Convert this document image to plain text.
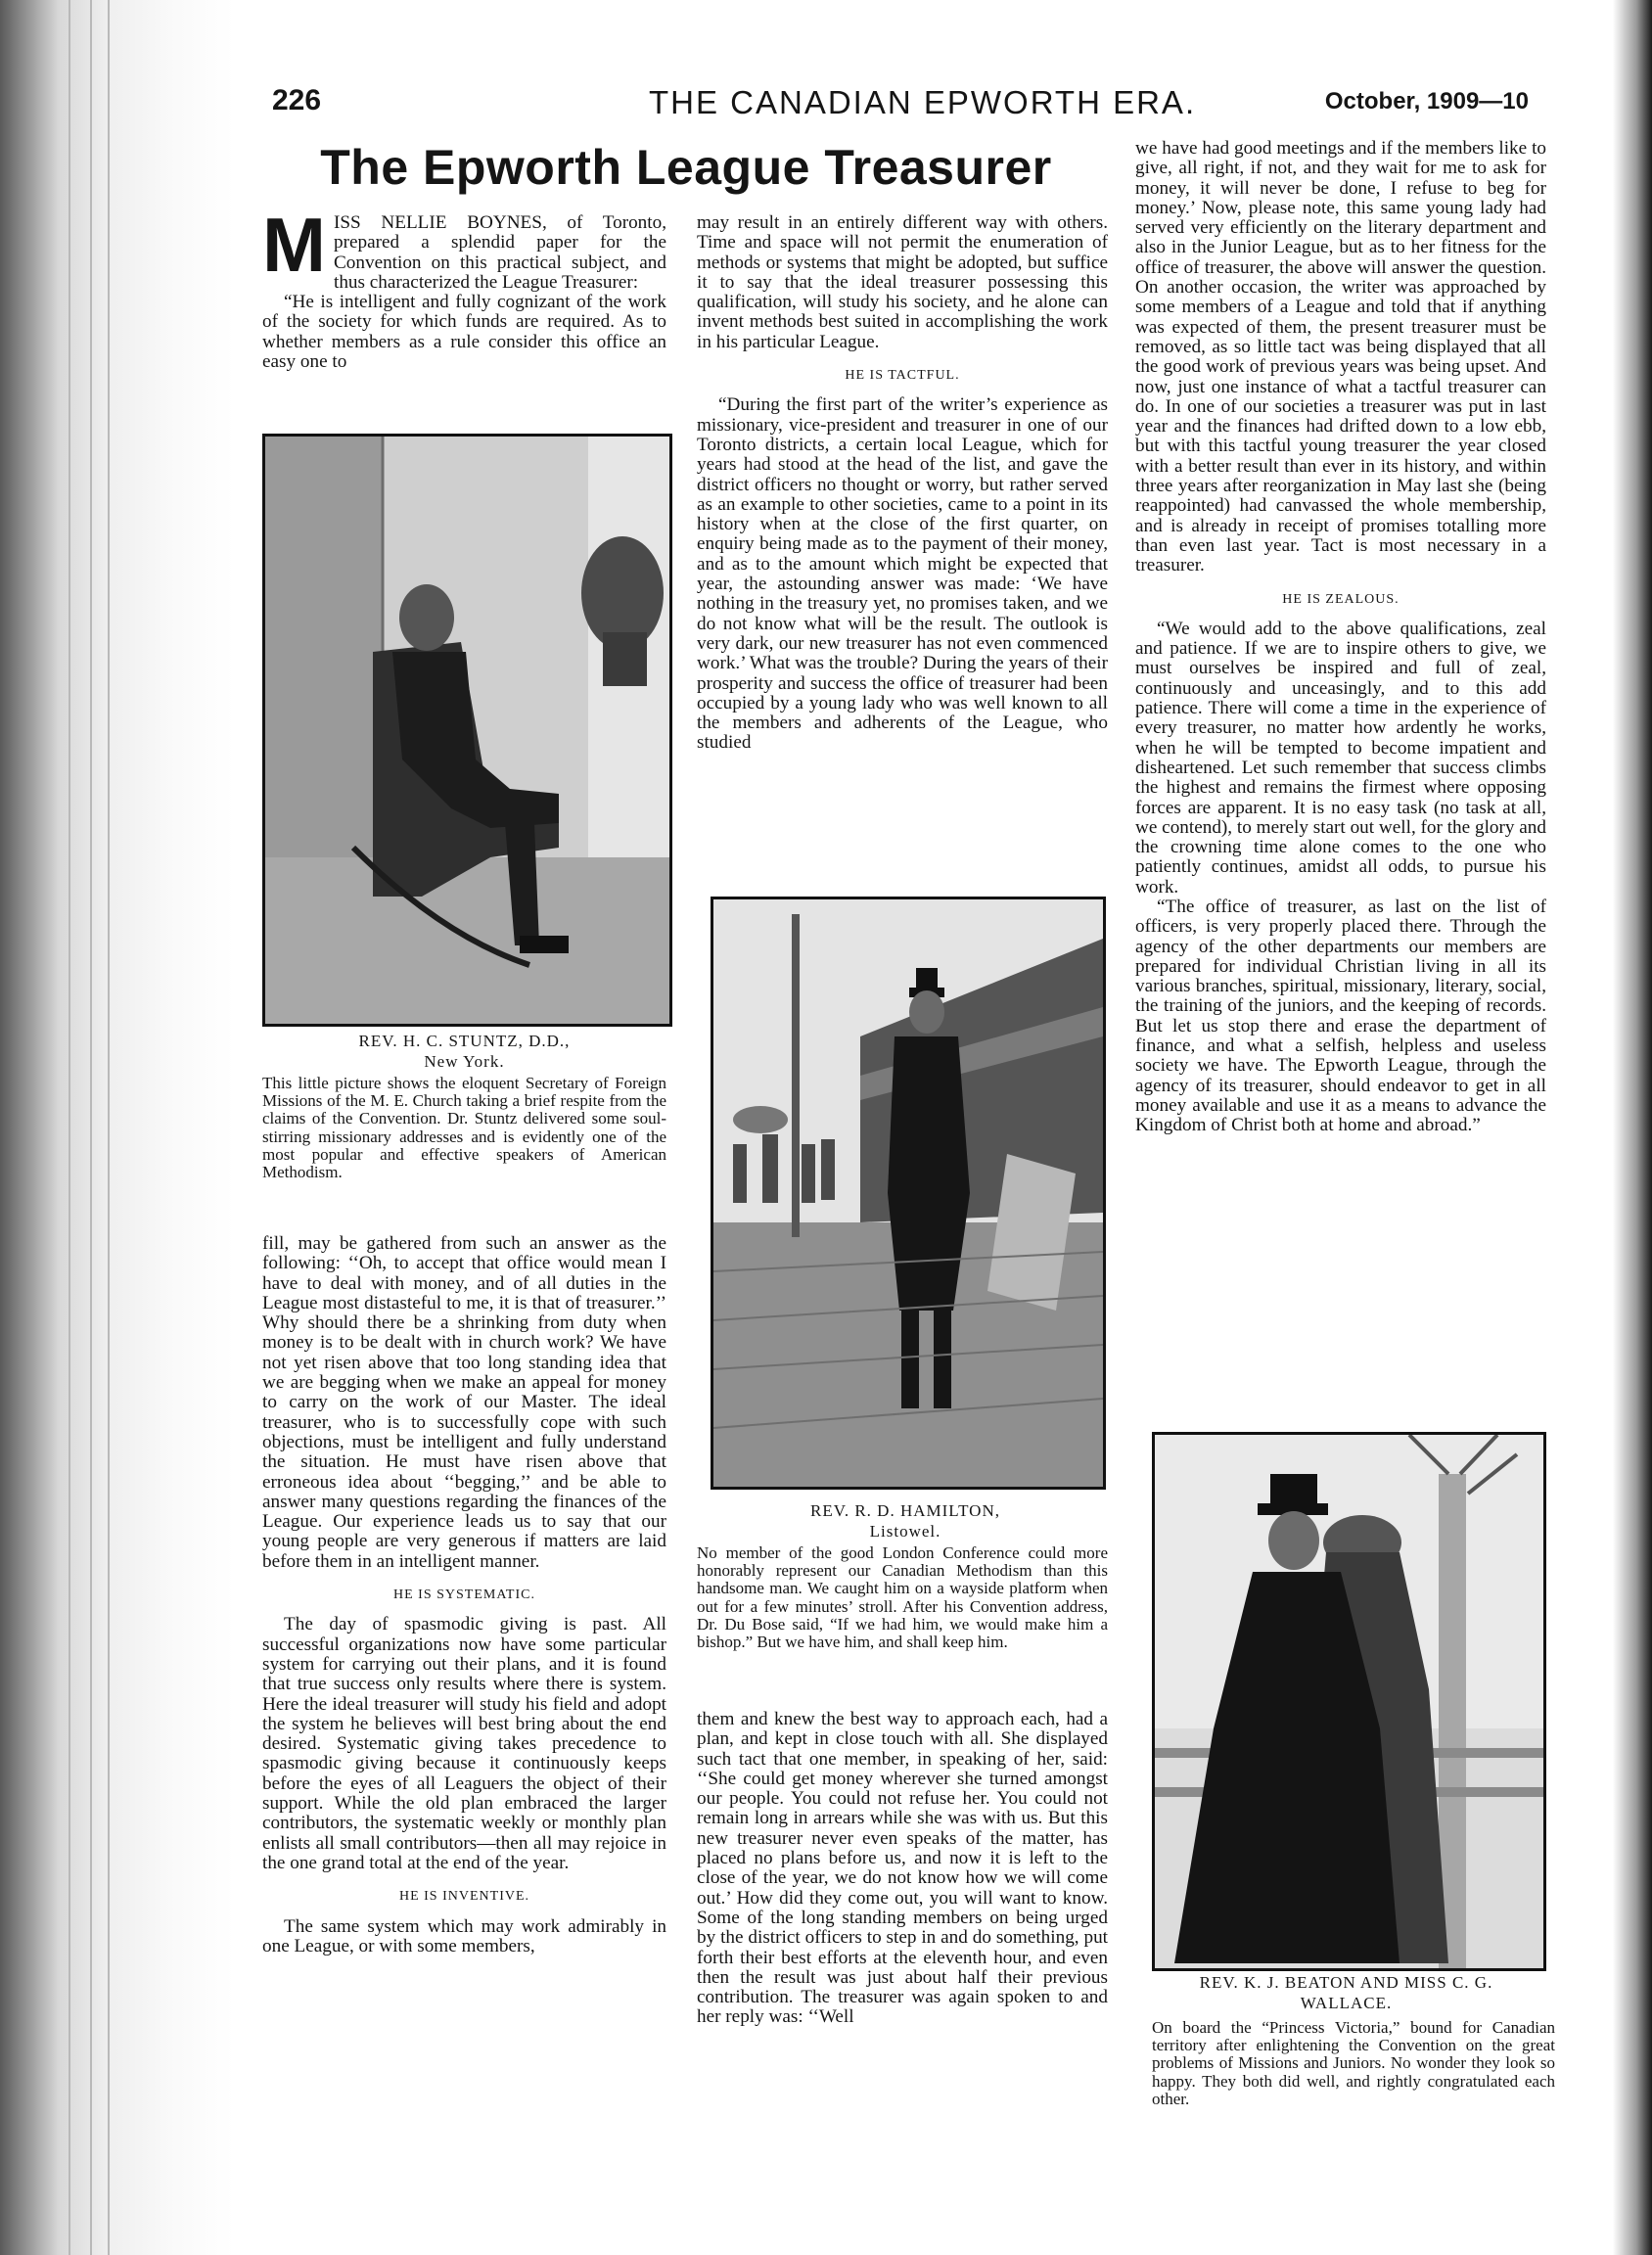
226	THE CANADIAN EPWORTH ERA.	October, 1909—10
The Epworth League Treasurer

MISS NELLIE BOYNES, of Toronto, prepared a splendid paper for the Convention on this practical subject, and thus characterized the League Treasurer:

“He is intelligent and fully cognizant of the work of the society for which funds are required. As to whether members as a rule consider this office an easy one to

REV. H. C. STUNTZ, D.D.,
New York.
This little picture shows the eloquent Secretary of Foreign Missions of the M. E. Church taking a brief respite from the claims of the Convention. Dr. Stuntz delivered some soul-stirring missionary addresses and is evidently one of the most popular and effective speakers of American Methodism.

fill, may be gathered from such an answer as the following: ‘‘Oh, to accept that office would mean I have to deal with money, and of all duties in the League most distasteful to me, it is that of treasurer.’’ Why should there be a shrinking from duty when money is to be dealt with in church work? We have not yet risen above that too long standing idea that we are begging when we make an appeal for money to carry on the work of our Master. The ideal treasurer, who is to successfully cope with such objections, must be intelligent and fully understand the situation. He must have risen above that erroneous idea about ‘‘begging,’’ and be able to answer many questions regarding the finances of the League. Our experience leads us to say that our young people are very generous if matters are laid before them in an intelligent manner.

HE IS SYSTEMATIC.

The day of spasmodic giving is past. All successful organizations now have some particular system for carrying out their plans, and it is found that true success only results where there is system. Here the ideal treasurer will study his field and adopt the system he believes will best bring about the end desired. Systematic giving takes precedence to spasmodic giving because it continuously keeps before the eyes of all Leaguers the object of their support. While the old plan embraced the larger contributors, the systematic weekly or monthly plan enlists all small contributors—then all may rejoice in the one grand total at the end of the year.

HE IS INVENTIVE.

The same system which may work admirably in one League, or with some members,

may result in an entirely different way with others. Time and space will not permit the enumeration of methods or systems that might be adopted, but suffice it to say that the ideal treasurer possessing this qualification, will study his society, and he alone can invent methods best suited in accomplishing the work in his particular League.

HE IS TACTFUL.

“During the first part of the writer’s experience as missionary, vice-president and treasurer in one of our Toronto districts, a certain local League, which for years had stood at the head of the list, and gave the district officers no thought or worry, but rather served as an example to other societies, came to a point in its history when at the close of the first quarter, on enquiry being made as to the payment of their money, and as to the amount which might be expected that year, the astounding answer was made: ‘We have nothing in the treasury yet, no promises taken, and we do not know what will be the result. The outlook is very dark, our new treasurer has not even commenced work.’ What was the trouble? During the years of their prosperity and success the office of treasurer had been occupied by a young lady who was well known to all the members and adherents of the League, who studied

REV. R. D. HAMILTON,
Listowel.
No member of the good London Conference could more honorably represent our Canadian Methodism than this handsome man. We caught him on a wayside platform when out for a few minutes’ stroll. After his Convention address, Dr. Du Bose said, “If we had him, we would make him a bishop.” But we have him, and shall keep him.

them and knew the best way to approach each, had a plan, and kept in close touch with all. She displayed such tact that one member, in speaking of her, said: ‘‘She could get money wherever she turned amongst our people. You could not refuse her. You could not remain long in arrears while she was with us. But this new treasurer never even speaks of the matter, has placed no plans before us, and now it is left to the close of the year, we do not know how we will come out.’ How did they come out, you will want to know. Some of the long standing members on being urged by the district officers to step in and do something, put forth their best efforts at the eleventh hour, and even then the result was just about half their previous contribution. The treasurer was again spoken to and her reply was: ‘‘Well

we have had good meetings and if the members like to give, all right, if not, and they wait for me to ask for money, it will never be done, I refuse to beg for money.’ Now, please note, this same young lady had served very efficiently on the literary department and also in the Junior League, but as to her fitness for the office of treasurer, the above will answer the question. On another occasion, the writer was approached by some members of a League and told that if anything was expected of them, the present treasurer must be removed, as so little tact was being displayed that all the good work of previous years was being upset. And now, just one instance of what a tactful treasurer can do. In one of our societies a treasurer was put in last year and the finances had drifted down to a low ebb, but with this tactful young treasurer the year closed with a better result than ever in its history, and within three years after reorganization in May last she (being reappointed) had canvassed the whole membership, and is already in receipt of promises totalling more than even last year. Tact is most necessary in a treasurer.

HE IS ZEALOUS.

“We would add to the above qualifications, zeal and patience. If we are to inspire others to give, we must ourselves be inspired and full of zeal, continuously and unceasingly, and to this add patience. There will come a time in the experience of every treasurer, no matter how ardently he works, when he will be tempted to become impatient and disheartened. Let such remember that success climbs the highest and remains the firmest where opposing forces are apparent. It is no easy task (no task at all, we contend), to merely start out well, for the glory and the crowning time alone comes to the one who patiently continues, amidst all odds, to pursue his work.

“The office of treasurer, as last on the list of officers, is very properly placed there. Through the agency of the other departments our members are prepared for individual Christian living in all its various branches, spiritual, missionary, literary, social, the training of the juniors, and the keeping of records. But let us stop there and erase the department of finance, and what a selfish, helpless and useless society we have. The Epworth League, through the agency of its treasurer, should endeavor to get in all money available and use it as a means to advance the Kingdom of Christ both at home and abroad.”

REV. K. J. BEATON AND MISS C. G. WALLACE.
On board the “Princess Victoria,” bound for Canadian territory after enlightening the Convention on the great problems of Missions and Juniors. No wonder they look so happy. They both did well, and rightly congratulated each other.
